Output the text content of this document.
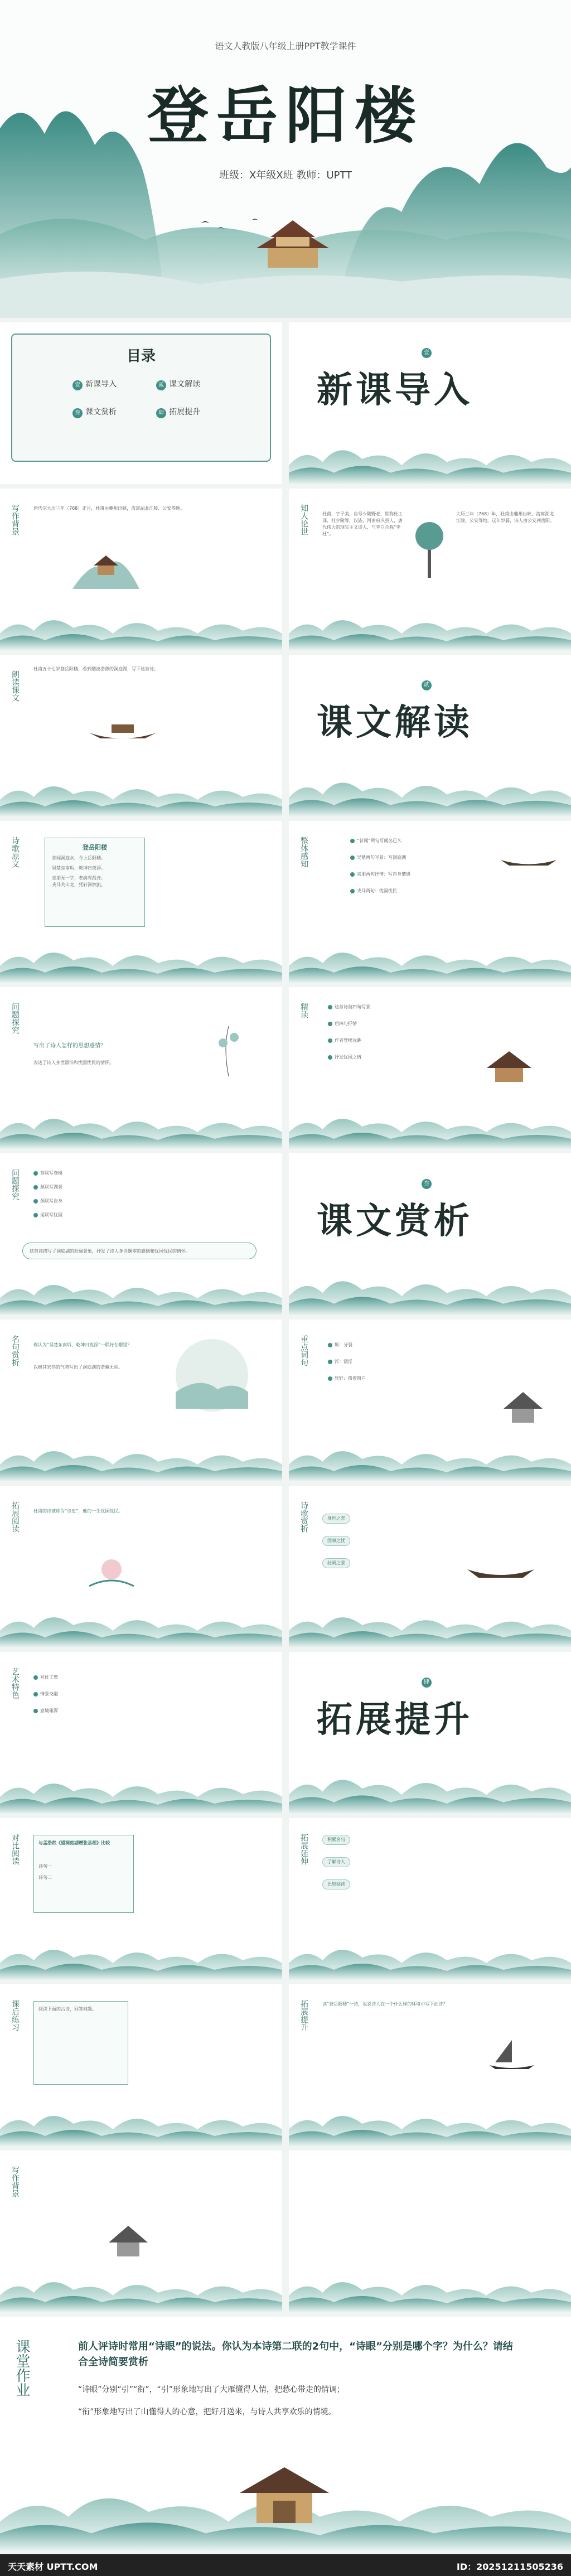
语文人教版八年级上册PPT教学课件
登岳阳楼
班级：X年级X班 教师：UPTT
目录
壹 新课导入	贰 课文解读
叁 课文赏析	肆 拓展提升
壹
新课导入
写作背景	唐代宗大历三年（768）正月，杜甫由夔州出峡，流寓湖北江陵、公安等地。	知人论世	杜甫，字子美，自号少陵野老，世称杜工部、杜少陵等，汉族，河南府巩县人，唐代伟大的现实主义诗人，与李白合称“李杜”。
大历三年（768）年，杜甫由夔州出峡，流寓湖北江陵、公安等地。这年岁暮，诗人由公安到岳阳。
朗读课文
杜甫五十七岁登岳阳楼，看到烟波浩渺的洞庭湖，写下这首诗。
贰
课文解读
诗歌原文	登岳阳楼
昔闻洞庭水，今上岳阳楼。
吴楚东南坼，乾坤日夜浮。
亲朋无一字，老病有孤舟。
戎马关山北，凭轩涕泗流。
整体感知	“昔闻”两句写闻名已久
吴楚两句写景：写洞庭湖
亲朋两句抒情：写自身遭遇
戎马两句：忧国忧民
问题探究
写出了诗人怎样的思想感情？
表达了诗人身世漂泊和忧国忧民的情怀。
精读	这首诗前四句写景
后四句抒情
作者登楼远眺
抒发忧国之情
问题探究	首联写登楼
颔联写湖景
颈联写自身
尾联写忧国
这首诗描写了洞庭湖的壮阔景象，抒发了诗人身世飘零的感慨和忧国忧民的情怀。
叁
课文赏析
名句赏析	你认为“吴楚东南坼，乾坤日夜浮”一联好在哪里？
以极其宏伟的气势写出了洞庭湖的浩瀚无际。
重点词句	坼：分裂
浮：漂浮
凭轩：倚着窗户
拓展阅读	杜甫的诗被称为“诗史”，他的一生忧国忧民。	诗歌赏析	身世之悲
国事之忧
壮阔之景
艺术特色	对仗工整
情景交融
意境雄浑
肆
拓展提升
对比阅读	与孟浩然《望洞庭湖赠张丞相》比较
诗句一
诗句二
拓展延伸	积累名句
了解诗人
比较阅读
课后练习	阅读下面的古诗，回答问题。	拓展提升	读“登岳阳楼”一诗，说说诗人在一个什么样的环境中写下此诗？
写作背景
课堂作业	前人评诗时常用“诗眼”的说法。你认为本诗第二联的2句中，“诗眼”分别是哪个字？为什么？请结合全诗简要赏析
“诗眼”分别“引”“衔”，“引”形象地写出了大雁懂得人情，把愁心带走的情调；
“衔”形象地写出了山懂得人的心意，把好月送来，与诗人共享欢乐的情境。
天天素材 UPTT.COM	ID：20251211505236
